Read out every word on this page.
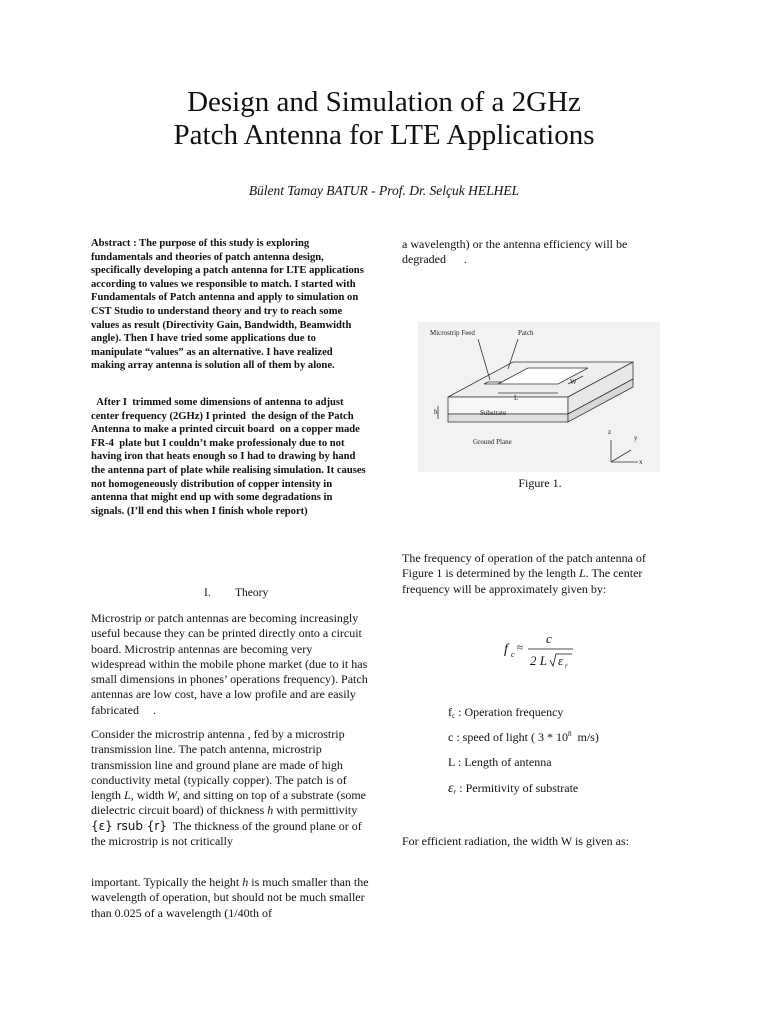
Design and Simulation of a 2GHz
Patch Antenna for LTE Applications
Bülent Tamay BATUR - Prof. Dr. Selçuk HELHEL
Abstract : The purpose of this study is exploring fundamentals and theories of patch antenna design, specifically developing a patch antenna for LTE applications according to values we responsible to match. I started with Fundamentals of Patch antenna and apply to simulation on CST Studio to understand theory and try to reach some values as result (Directivity Gain, Bandwidth, Beamwidth angle). Then I have tried some applications due to manipulate “values” as an alternative. I have realized making array antenna is solution all of them by alone.
After I  trimmed some dimensions of antenna to adjust center frequency (2GHz) I printed  the design of the Patch Antenna to make a printed circuit board  on a copper made FR-4  plate but I couldn’t make professionaly due to not having iron that heats enough so I had to drawing by hand the antenna part of plate while realising simulation. It causes not homogeneously distribution of copper intensity in antenna that might end up with some degradations in signals. (I’ll end this when I finish whole report)
I. Theory
Microstrip or patch antennas are becoming increasingly useful because they can be printed directly onto a circuit board. Microstrip antennas are becoming very widespread within the mobile phone market (due to it has small dimensions in phones’ operations frequency). Patch antennas are low cost, have a low profile and are easily fabricated .
Consider the microstrip antenna , fed by a microstrip transmission line. The patch antenna, microstrip transmission line and ground plane are made of high conductivity metal (typically copper). The patch is of length L, width W, and sitting on top of a substrate (some dielectric circuit board) of thickness h with permittivity  {ε} rsub {r}  The thickness of the ground plane or of the microstrip is not critically
important. Typically the height h is much smaller than the wavelength of operation, but should not be much smaller than 0.025 of a wavelength (1/40th of
a wavelength) or the antenna efficiency will be degraded .
Microstrip Feed	Patch
W
L
h	Substrate
Ground Plane
z
y
x
Figure 1.
The frequency of operation of the patch antenna of Figure 1 is determined by the length L. The center frequency will be approximately given by:
f c
≈
c
2 L ε r
$f_c$ : Operation frequency
c : speed of light ( $3 * 10^8$  m/s)
L : Length of antenna
$\varepsilon_r$ : Permitivity of substrate
For efficient radiation, the width W is given as:
